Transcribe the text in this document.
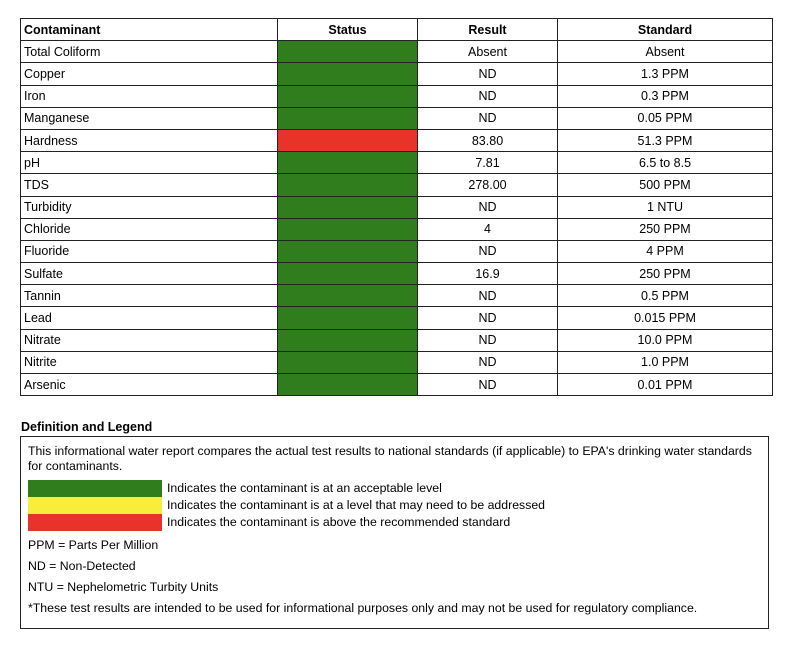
Contaminant	Status	Result	Standard
Total Coliform		Absent	Absent
Copper		ND	1.3 PPM
Iron		ND	0.3 PPM
Manganese		ND	0.05 PPM
Hardness		83.80	51.3 PPM
pH		7.81	6.5 to 8.5
TDS		278.00	500 PPM
Turbidity		ND	1 NTU
Chloride		4	250 PPM
Fluoride		ND	4 PPM
Sulfate		16.9	250 PPM
Tannin		ND	0.5 PPM
Lead		ND	0.015 PPM
Nitrate		ND	10.0 PPM
Nitrite		ND	1.0 PPM
Arsenic		ND	0.01 PPM
Definition and Legend

This informational water report compares the actual test results to national standards (if applicable) to EPA's drinking water standards for contaminants.

Indicates the contaminant is at an acceptable level
Indicates the contaminant is at a level that may need to be addressed
Indicates the contaminant is above the recommended standard

PPM = Parts Per Million

ND = Non-Detected

NTU = Nephelometric Turbity Units

*These test results are intended to be used for informational purposes only and may not be used for regulatory compliance.
